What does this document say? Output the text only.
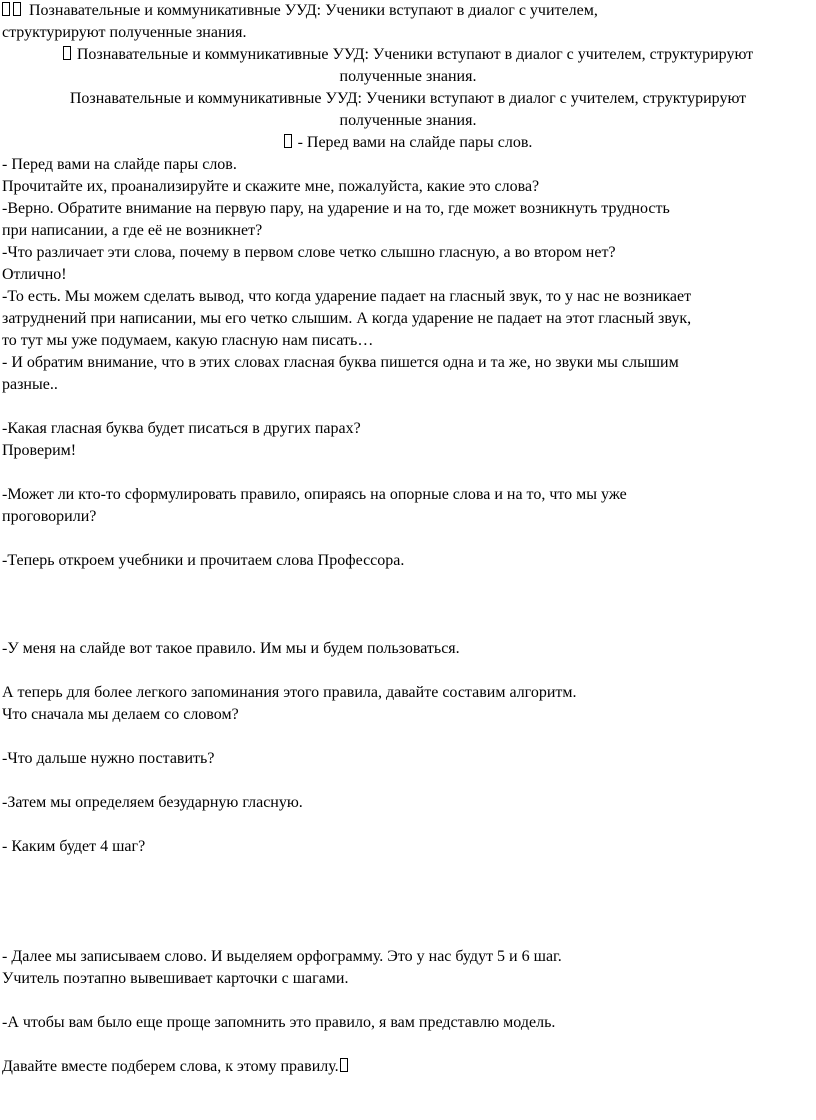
Познавательные и коммуникативные УУД: Ученики вступают в диалог с учителем,
структурируют полученные знания.
Познавательные и коммуникативные УУД: Ученики вступают в диалог с учителем, структурируют
полученные знания.
Познавательные и коммуникативные УУД: Ученики вступают в диалог с учителем, структурируют
полученные знания.
- Перед вами на слайде пары слов.
- Перед вами на слайде пары слов.
Прочитайте их, проанализируйте и скажите мне, пожалуйста, какие это слова?
-Верно. Обратите внимание на первую пару, на ударение и на то, где может возникнуть трудность
при написании, а где её не возникнет?
-Что различает эти слова, почему в первом слове четко слышно гласную, а во втором нет?
Отлично!
-То есть. Мы можем сделать вывод, что когда ударение падает на гласный звук, то у нас не возникает
затруднений при написании, мы его четко слышим. А когда ударение не падает на этот гласный звук,
то тут мы уже подумаем, какую гласную нам писать…
- И обратим внимание, что в этих словах гласная буква пишется одна и та же, но звуки мы слышим
разные..
-Какая гласная буква будет писаться в других парах?
Проверим!
-Может ли кто-то сформулировать правило, опираясь на опорные слова и на то, что мы уже
проговорили?
-Теперь откроем учебники и прочитаем слова Профессора.
-У меня на слайде вот такое правило. Им мы и будем пользоваться.
А теперь для более легкого запоминания этого правила, давайте составим алгоритм.
Что сначала мы делаем со словом?
-Что дальше нужно поставить?
-Затем мы определяем безударную гласную.
- Каким будет 4 шаг?
- Далее мы записываем слово. И выделяем орфограмму. Это у нас будут 5 и 6 шаг.
Учитель поэтапно вывешивает карточки с шагами.
-А чтобы вам было еще проще запомнить это правило, я вам представлю модель.
Давайте вместе подберем слова, к этому правилу.
